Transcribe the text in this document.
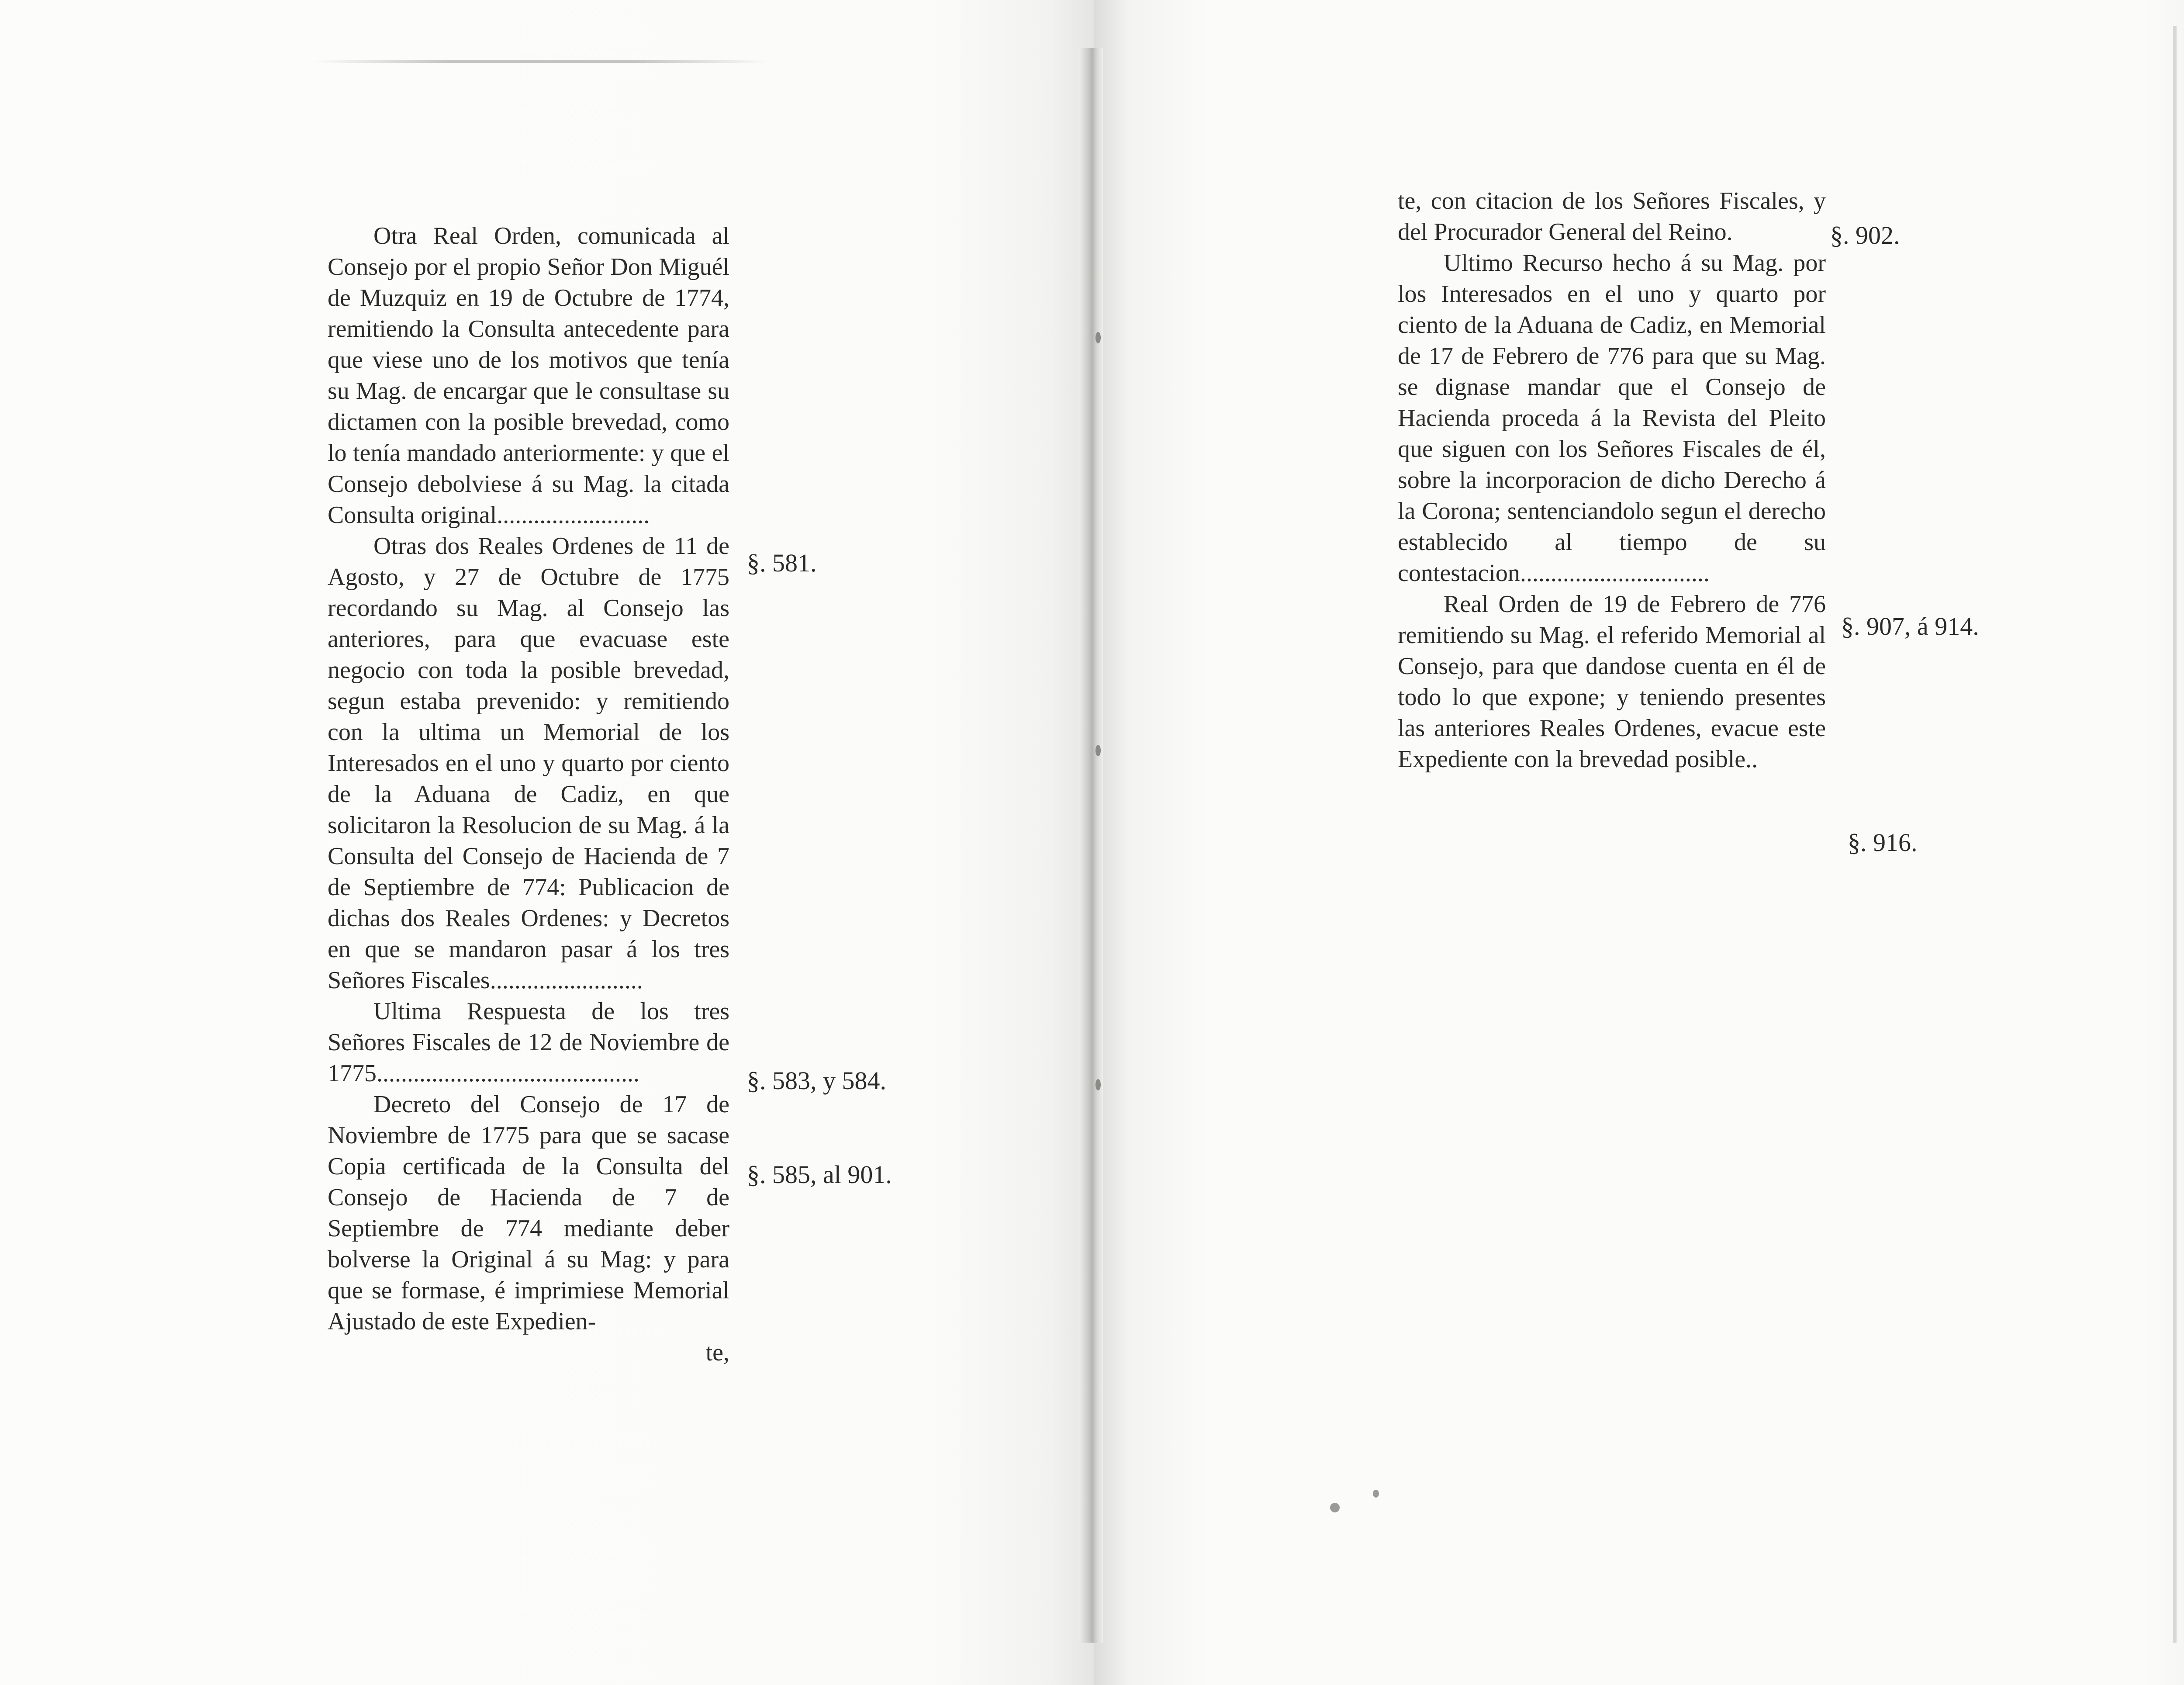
Otra Real Orden, comunicada al Consejo por el propio Señor Don Miguél de Muzquiz en 19 de Octubre de 1774, remitiendo la Consulta antecedente para que viese uno de los motivos que tenía su Mag. de encargar que le consultase su dictamen con la posible brevedad, como lo tenía mandado anteriormente: y que el Consejo debolviese á su Mag. la citada Consulta original.........................

Otras dos Reales Ordenes de 11 de Agosto, y 27 de Octubre de 1775 recordando su Mag. al Consejo las anteriores, para que evacuase este negocio con toda la posible brevedad, segun estaba prevenido: y remitiendo con la ultima un Memorial de los Interesados en el uno y quarto por ciento de la Aduana de Cadiz, en que solicitaron la Resolucion de su Mag. á la Consulta del Consejo de Hacienda de 7 de Septiembre de 774: Publicacion de dichas dos Reales Ordenes: y Decretos en que se mandaron pasar á los tres Señores Fiscales.........................

Ultima Respuesta de los tres Señores Fiscales de 12 de Noviembre de 1775...........................................

Decreto del Consejo de 17 de Noviembre de 1775 para que se sacase Copia certificada de la Consulta del Consejo de Hacienda de 7 de Septiembre de 774 mediante deber bolverse la Original á su Mag: y para que se formase, é imprimiese Memorial Ajustado de este Expedien-

te,

§. 581.
§. 583, y 584.
§. 585, al 901.

te, con citacion de los Señores Fiscales, y del Procurador General del Reino.

Ultimo Recurso hecho á su Mag. por los Interesados en el uno y quarto por ciento de la Aduana de Cadiz, en Memorial de 17 de Febrero de 776 para que su Mag. se dignase mandar que el Consejo de Hacienda proceda á la Revista del Pleito que siguen con los Señores Fiscales de él, sobre la incorporacion de dicho Derecho á la Corona; sentenciandolo segun el derecho establecido al tiempo de su contestacion...............................

Real Orden de 19 de Febrero de 776 remitiendo su Mag. el referido Memorial al Consejo, para que dandose cuenta en él de todo lo que expone; y teniendo presentes las anteriores Reales Ordenes, evacue este Expediente con la brevedad posible..

§. 902.
§. 907, á 914.
§. 916.
